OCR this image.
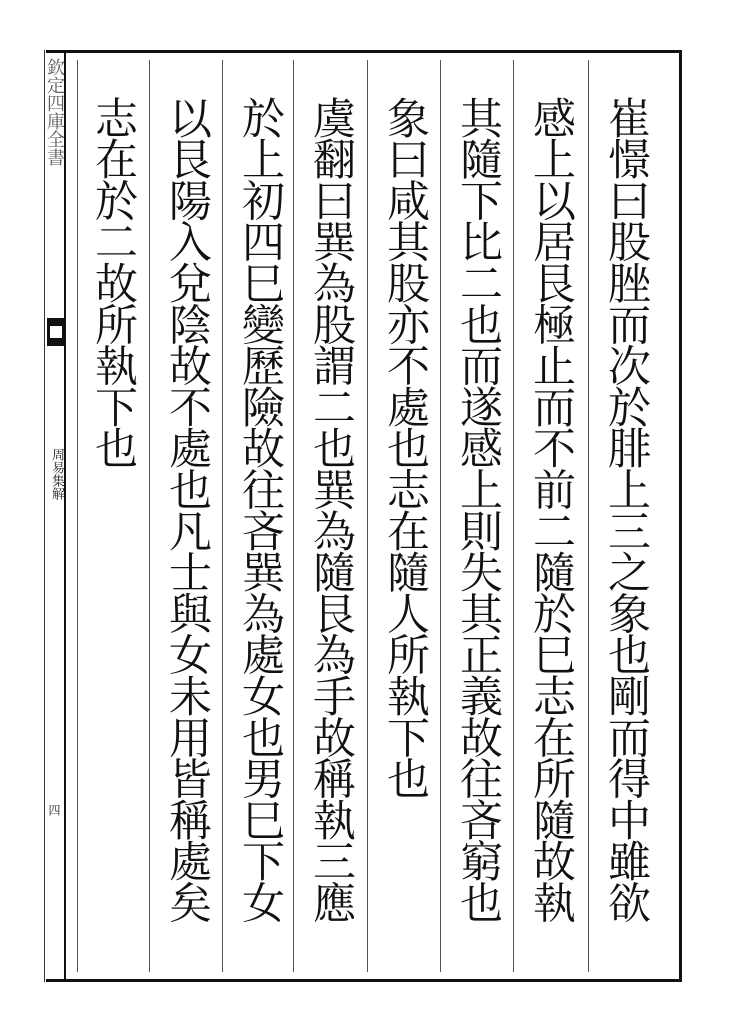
欽定四庫全書
周易集解
四	崔憬曰股脞而次於腓上三之象也剛而得中雖欲
感上以居艮極止而不前二隨於巳志在所隨故執
其隨下比二也而遂感上則失其正義故往吝窮也
象曰咸其股亦不處也志在隨人所執下也
虞翻曰巽為股謂二也巽為隨艮為手故稱執三應
於上初四巳變歷險故往吝巽為處女也男巳下女
以艮陽入兌陰故不處也凡士與女未用皆稱處矣
志在於二故所執下也
